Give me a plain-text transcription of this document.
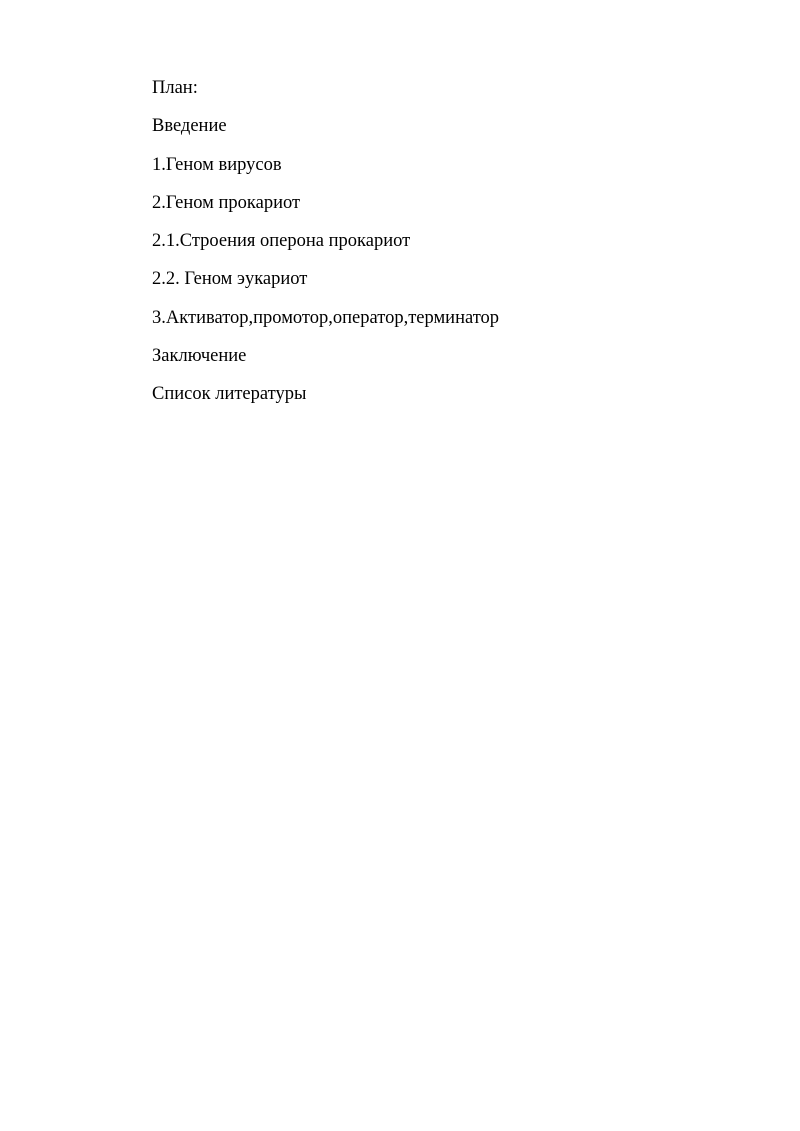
План:
Введение
1.Геном вирусов
2.Геном прокариот
2.1.Строения оперона прокариот
2.2. Геном эукариот
3.Активатор,промотор,оператор,терминатор
Заключение
Список литературы
